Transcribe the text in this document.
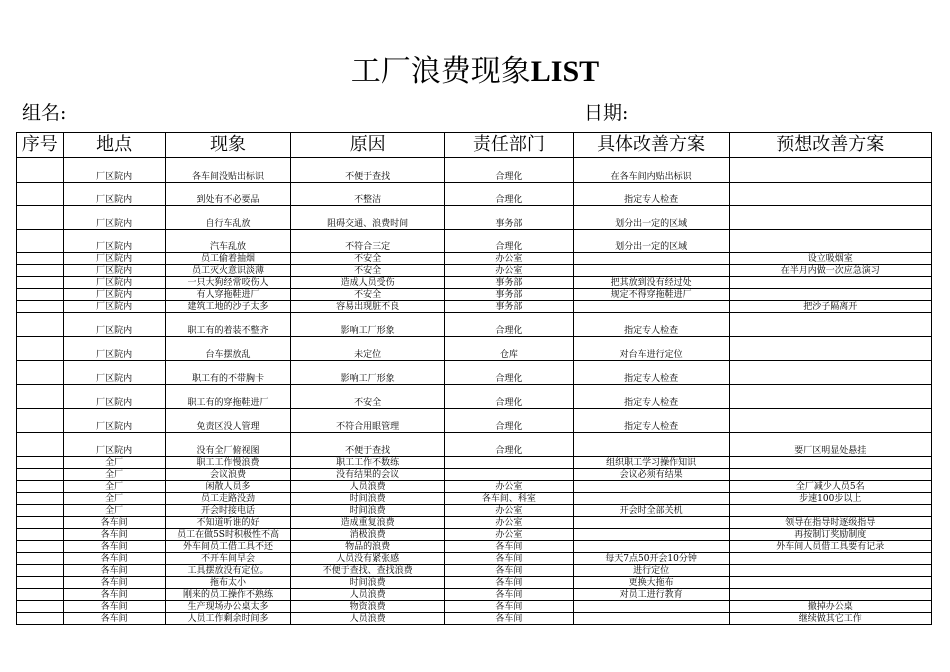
工厂浪费现象LIST
组名:	日期:
序号	地点	现象	原因	责任部门	具体改善方案	预想改善方案
	厂区院内	各车间没贴出标识	不便于查找	合理化	在各车间内贴出标识	
	厂区院内	到处有不必要品	不整洁	合理化	指定专人检查	
	厂区院内	自行车乱放	阻碍交通、浪费时间	事务部	划分出一定的区域	
	厂区院内	汽车乱放	不符合三定	合理化	划分出一定的区域	
	厂区院内	员工偷着抽烟	不安全	办公室		设立吸烟室
	厂区院内	员工灭火意识淡薄	不安全	办公室		在半月内做一次应急演习
	厂区院内	一只大狗经常咬伤人	造成人员受伤	事务部	把其放到没有经过处	
	厂区院内	有人穿拖鞋进厂	不安全	事务部	规定不得穿拖鞋进厂	
	厂区院内	建筑工地的沙子太多	容易出现脏不良	事务部		把沙子隔离开
	厂区院内	职工有的着装不整齐	影响工厂形象	合理化	指定专人检查	
	厂区院内	台车摆放乱	未定位	仓库	对台车进行定位	
	厂区院内	职工有的不带胸卡	影响工厂形象	合理化	指定专人检查	
	厂区院内	职工有的穿拖鞋进厂	不安全	合理化	指定专人检查	
	厂区院内	免责区没人管理	不符合用眼管理	合理化	指定专人检查	
	厂区院内	没有全厂俯视图	不便于查找	合理化		要厂区明显处悬挂
	全厂	职工工作慢浪费	职工工作不数练		组织职工学习操作知识	
	全厂	会议浪费	没有结果的会议		会议必须有结果	
	全厂	闲散人员多	人员浪费	办公室		全厂减少人员5名
	全厂	员工走路没劲	时间浪费	各车间、科室		步速100步以上
	全厂	开会时接电话	时间浪费	办公室	开会时全部关机	
	各车间	不知道听谁的好	造成重复浪费	办公室		领导在指导时逐级指导
	各车间	员工在做5S时积极性不高	消极浪费	办公室		再按制订奖励制度
	各车间	外车间员工借工具不还	物品的浪费	各车间		外车间人员借工具要有记录
	各车间	不开车间早会	人员没有紧张感	各车间	每天7点50开会10分钟	
	各车间	工具摆放没有定位。	不便于查找、查找浪费	各车间	进行定位	
	各车间	拖布太小	时间浪费	各车间	更换大拖布	
	各车间	刚来的员工操作不熟练	人员浪费	各车间	对员工进行教育	
	各车间	生产现场办公桌太多	物资浪费	各车间		撤掉办公桌
	各车间	人员工作剩余时间多	人员浪费	各车间		继续做其它工作
